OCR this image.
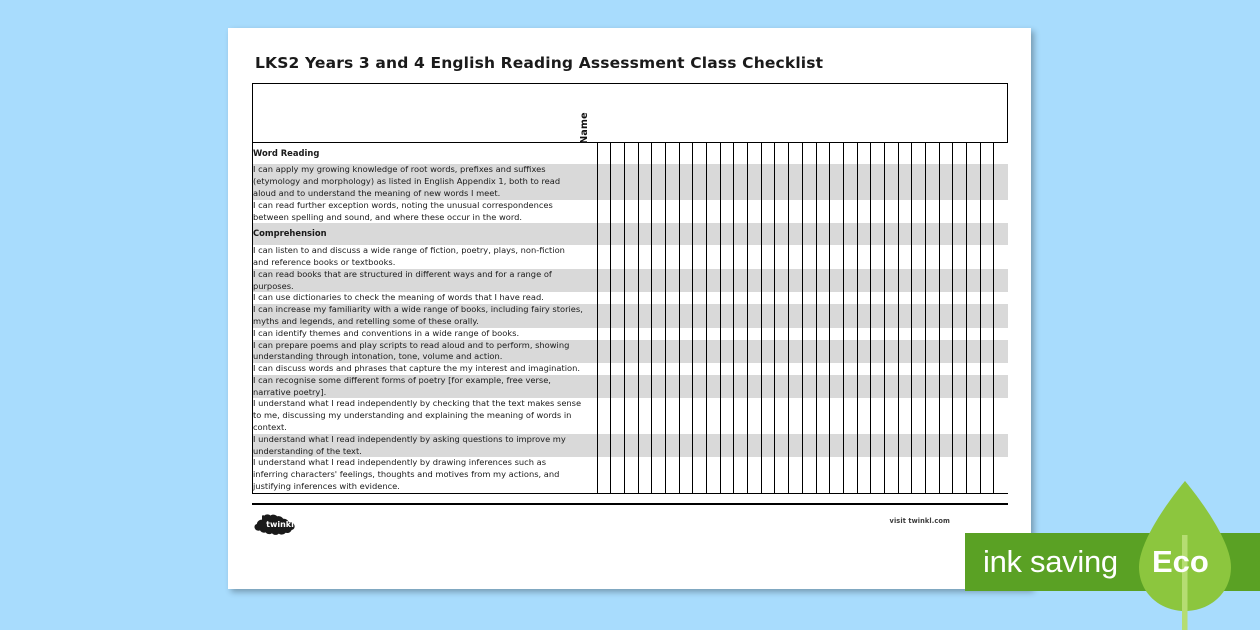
LKS2 Years 3 and 4 English Reading Assessment Class Checklist

	Name																														

Word Reading																															
I can apply my growing knowledge of root words, prefixes and suffixes (etymology and morphology) as listed in English Appendix 1, both to read aloud and to understand the meaning of new words I meet.																															
I can read further exception words, noting the unusual correspondences between spelling and sound, and where these occur in the word.																															
Comprehension																															
I can listen to and discuss a wide range of fiction, poetry, plays, non-fiction and reference books or textbooks.																															
I can read books that are structured in different ways and for a range of purposes.																															
I can use dictionaries to check the meaning of words that I have read.																															
I can increase my familiarity with a wide range of books, including fairy stories, myths and legends, and retelling some of these orally.																															
I can identify themes and conventions in a wide range of books.																															
I can prepare poems and play scripts to read aloud and to perform, showing understanding through intonation, tone, volume and action.																															
I can discuss words and phrases that capture the my interest and imagination.																															
I can recognise some different forms of poetry [for example, free verse, narrative poetry].																															
I understand what I read independently by checking that the text makes sense to me, discussing my understanding and explaining the meaning of words in context.																															
I understand what I read independently by asking questions to improve my understanding of the text.																															
I understand what I read independently by drawing inferences such as inferring characters' feelings, thoughts and motives from my actions, and justifying inferences with evidence.																															
twinkl	visit twinkl.com
ink saving Eco
